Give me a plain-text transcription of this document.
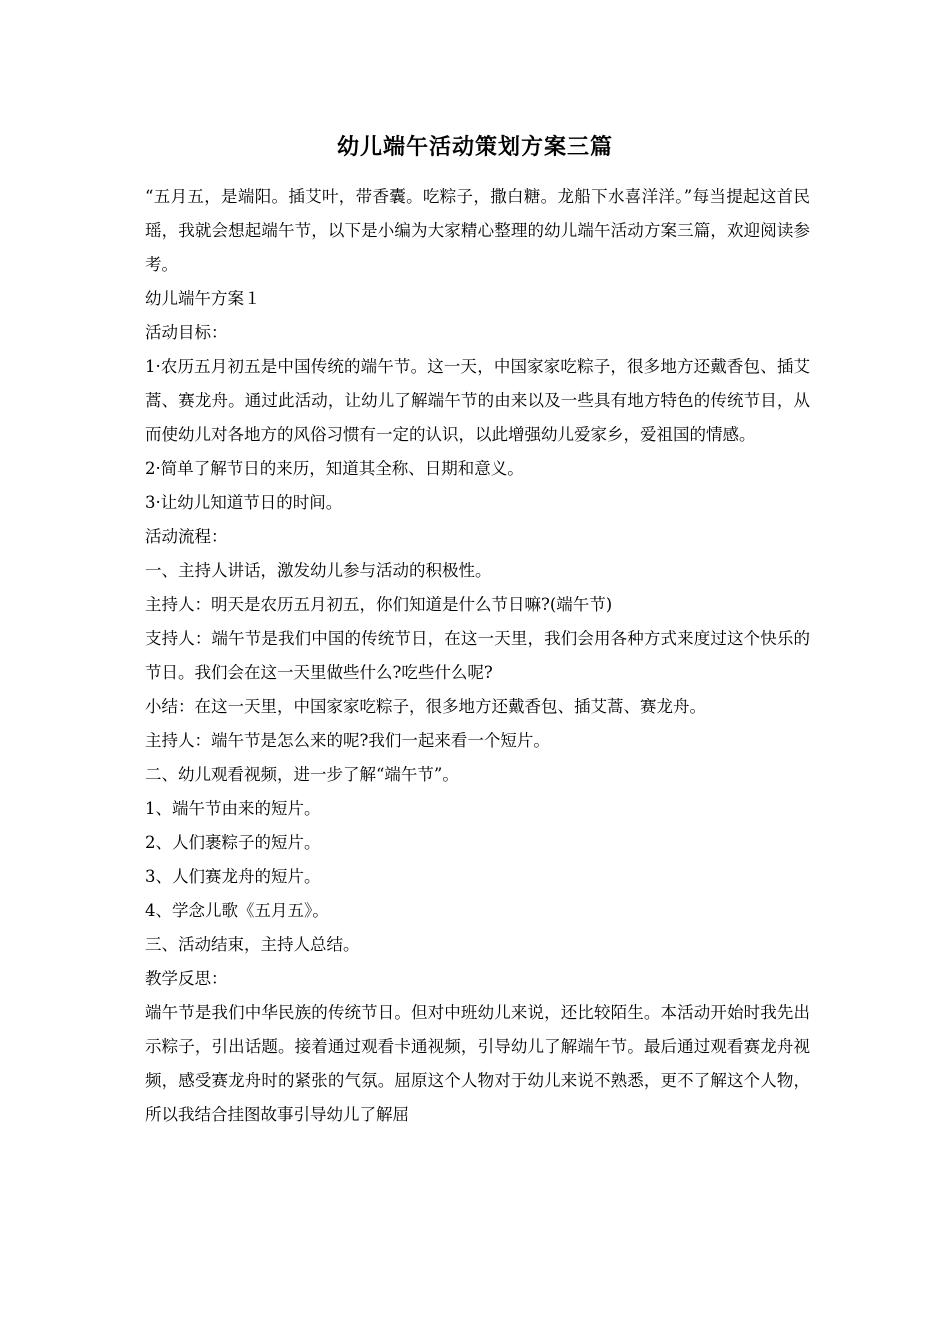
幼儿端午活动策划方案三篇

“五月五，是端阳。插艾叶，带香囊。吃粽子，撒白糖。龙船下水喜洋洋。”每当提起这首民瑶，我就会想起端午节，以下是小编为大家精心整理的幼儿端午活动方案三篇，欢迎阅读参考。

幼儿端午方案１

活动目标：

1·农历五月初五是中国传统的端午节。这一天，中国家家吃粽子，很多地方还戴香包、插艾蒿、赛龙舟。通过此活动，让幼儿了解端午节的由来以及一些具有地方特色的传统节目，从而使幼儿对各地方的风俗习惯有一定的认识，以此增强幼儿爱家乡，爱祖国的情感。

2·简单了解节日的来历，知道其全称、日期和意义。

3·让幼儿知道节日的时间。

活动流程：

一、主持人讲话，激发幼儿参与活动的积极性。

主持人：明天是农历五月初五，你们知道是什么节日嘛?(端午节)

支持人：端午节是我们中国的传统节日，在这一天里，我们会用各种方式来度过这个快乐的节日。我们会在这一天里做些什么?吃些什么呢?

小结：在这一天里，中国家家吃粽子，很多地方还戴香包、插艾蒿、赛龙舟。

主持人：端午节是怎么来的呢?我们一起来看一个短片。

二、幼儿观看视频，进一步了解“端午节”。

1、端午节由来的短片。

2、人们裹粽子的短片。

3、人们赛龙舟的短片。

4、学念儿歌《五月五》。

三、活动结束，主持人总结。

教学反思：

端午节是我们中华民族的传统节日。但对中班幼儿来说，还比较陌生。本活动开始时我先出示粽子，引出话题。接着通过观看卡通视频，引导幼儿了解端午节。最后通过观看赛龙舟视频，感受赛龙舟时的紧张的气氛。屈原这个人物对于幼儿来说不熟悉，更不了解这个人物，所以我结合挂图故事引导幼儿了解屈
